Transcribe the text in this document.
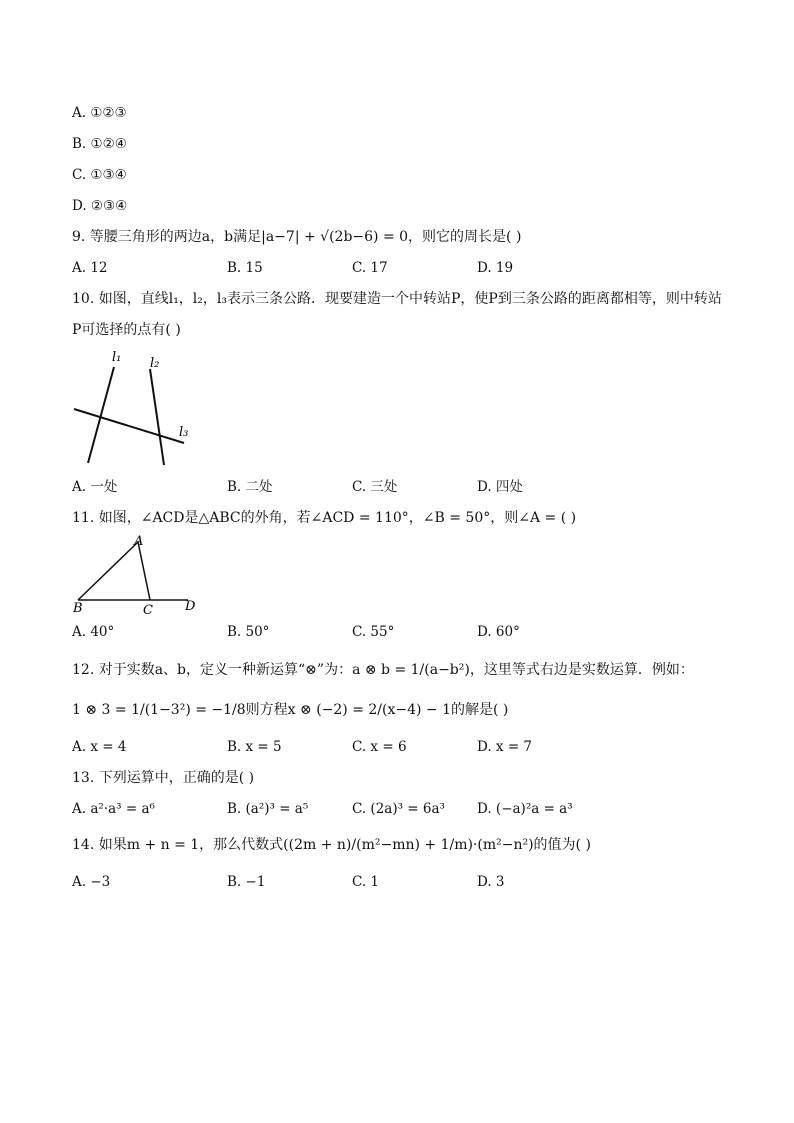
A. ①②③
B. ①②④
C. ①③④
D. ②③④
9. 等腰三角形的两边a，b满足|a−7| + √(2b−6) = 0，则它的周长是( )
A. 12	B. 15	C. 17	D. 19
10. 如图，直线l₁，l₂，l₃表示三条公路．现要建造一个中转站P，使P到三条公路的距离都相等，则中转站
P可选择的点有( )
l₁ l₂
l₃
A. 一处	B. 二处	C. 三处	D. 四处
11. 如图，∠ACD是△ABC的外角，若∠ACD = 110°，∠B = 50°，则∠A = ( )
A
B	C D
A. 40°	B. 50°	C. 55°	D. 60°
12. 对于实数a、b，定义一种新运算“⊗”为：a ⊗ b = 1/(a−b²)，这里等式右边是实数运算．例如：
1 ⊗ 3 = 1/(1−3²) = −1/8则方程x ⊗ (−2) = 2/(x−4) − 1的解是( )
A. x = 4	B. x = 5	C. x = 6	D. x = 7
13. 下列运算中，正确的是( )
A. a²·a³ = a⁶	B. (a²)³ = a⁵	C. (2a)³ = 6a³ D. (−a)²a = a³
14. 如果m + n = 1，那么代数式((2m + n)/(m²−mn) + 1/m)·(m²−n²)的值为( )
A. −3	B. −1	C. 1	D. 3
